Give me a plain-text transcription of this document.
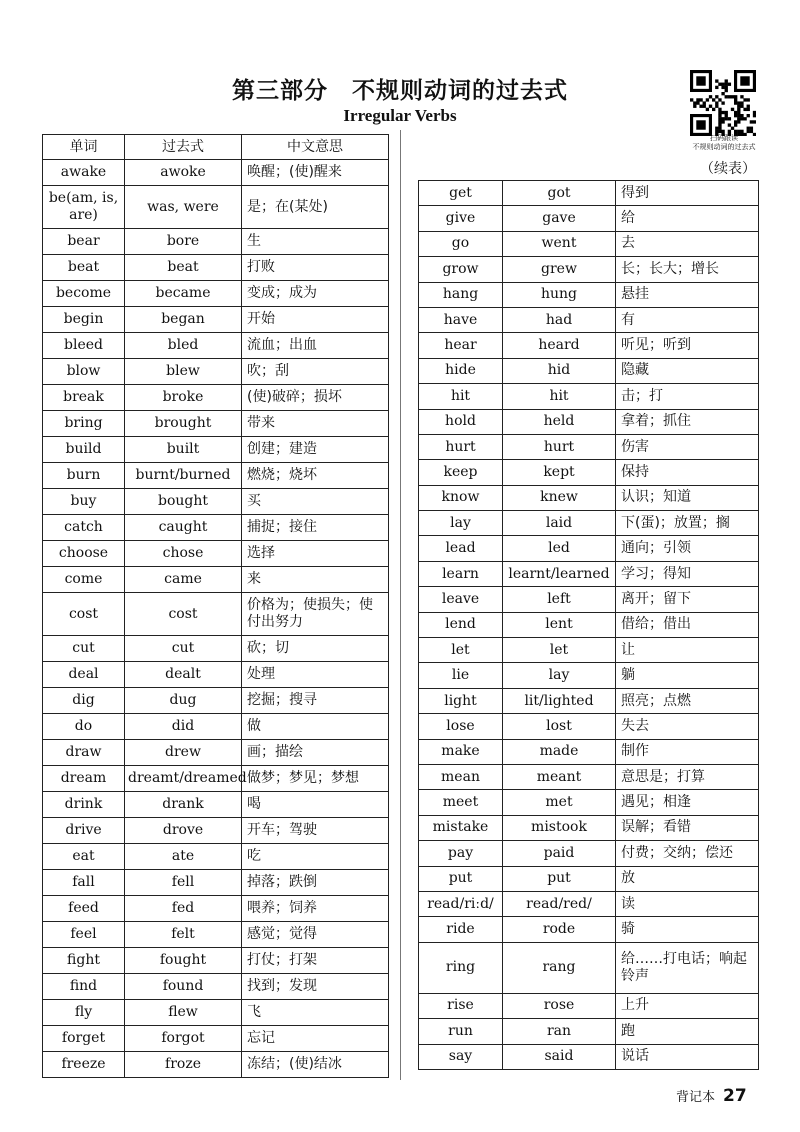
第三部分　不规则动词的过去式
Irregular Verbs
扫码跟读
不规则动词的过去式
（续表）
单词	过去式	中文意思
awake	awoke	唤醒；(使)醒来
be(am, is, are)	was, were	是；在(某处)
bear	bore	生
beat	beat	打败
become	became	变成；成为
begin	began	开始
bleed	bled	流血；出血
blow	blew	吹；刮
break	broke	(使)破碎；损坏
bring	brought	带来
build	built	创建；建造
burn	burnt/burned	燃烧；烧坏
buy	bought	买
catch	caught	捕捉；接住
choose	chose	选择
come	came	来
cost	cost	价格为；使损失；使付出努力
cut	cut	砍；切
deal	dealt	处理
dig	dug	挖掘；搜寻
do	did	做
draw	drew	画；描绘
dream	dreamt/dreamed	做梦；梦见；梦想
drink	drank	喝
drive	drove	开车；驾驶
eat	ate	吃
fall	fell	掉落；跌倒
feed	fed	喂养；饲养
feel	felt	感觉；觉得
fight	fought	打仗；打架
find	found	找到；发现
fly	flew	飞
forget	forgot	忘记
freeze	froze	冻结；(使)结冰
get	got	得到
give	gave	给
go	went	去
grow	grew	长；长大；增长
hang	hung	悬挂
have	had	有
hear	heard	听见；听到
hide	hid	隐藏
hit	hit	击；打
hold	held	拿着；抓住
hurt	hurt	伤害
keep	kept	保持
know	knew	认识；知道
lay	laid	下(蛋)；放置；搁
lead	led	通向；引领
learn	learnt/learned	学习；得知
leave	left	离开；留下
lend	lent	借给；借出
let	let	让
lie	lay	躺
light	lit/lighted	照亮；点燃
lose	lost	失去
make	made	制作
mean	meant	意思是；打算
meet	met	遇见；相逢
mistake	mistook	误解；看错
pay	paid	付费；交纳；偿还
put	put	放
read/riːd/	read/red/	读
ride	rode	骑
ring	rang	给……打电话；响起铃声
rise	rose	上升
run	ran	跑
say	said	说话
背记本 27
